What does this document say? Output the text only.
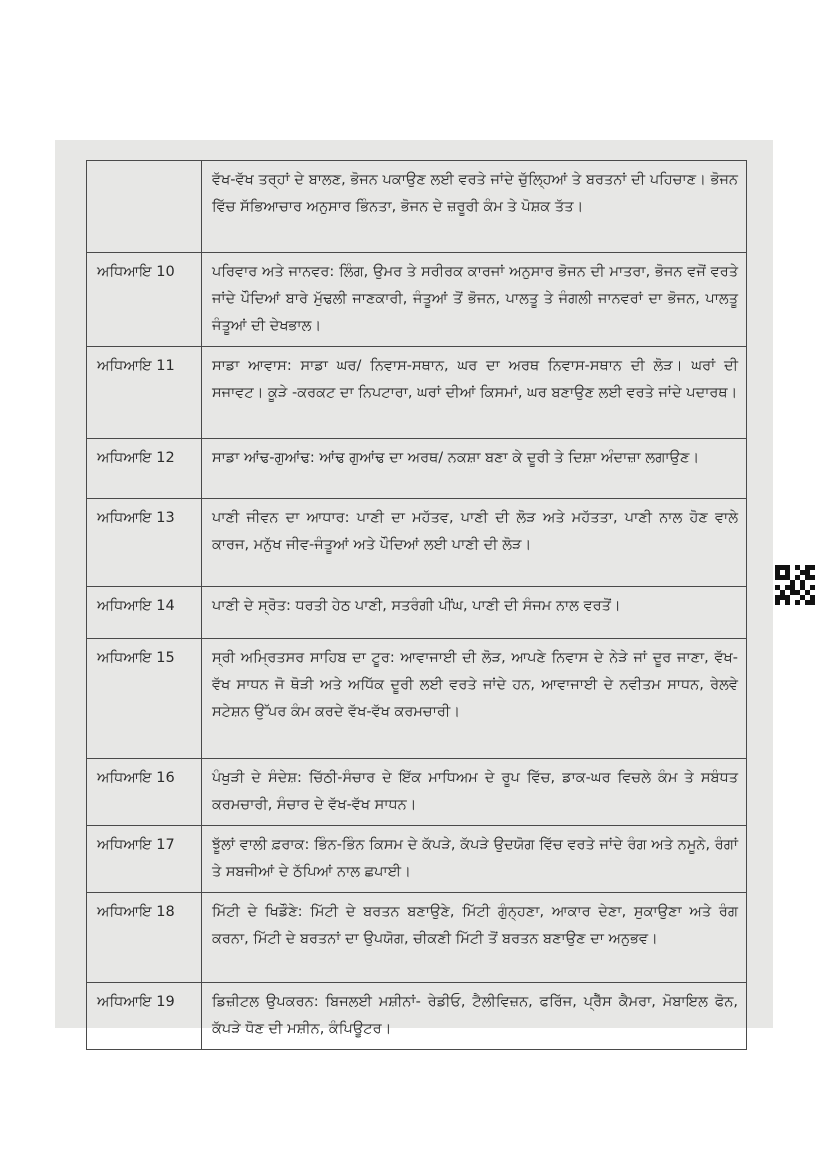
	ਵੱਖ-ਵੱਖ ਤਰ੍ਹਾਂ ਦੇ ਬਾਲਣ, ਭੋਜਨ ਪਕਾਉਣ ਲਈ ਵਰਤੇ ਜਾਂਦੇ ਚੁੱਲ੍ਹਿਆਂ ਤੇ ਬਰਤਨਾਂ ਦੀ ਪਹਿਚਾਣ। ਭੋਜਨ ਵਿੱਚ ਸੱਭਿਆਚਾਰ ਅਨੁਸਾਰ ਭਿੰਨਤਾ, ਭੋਜਨ ਦੇ ਜ਼ਰੂਰੀ ਕੰਮ ਤੇ ਪੋਸ਼ਕ ਤੱਤ।
ਅਧਿਆਇ 10	ਪਰਿਵਾਰ ਅਤੇ ਜਾਨਵਰ: ਲਿੰਗ, ਉਮਰ ਤੇ ਸਰੀਰਕ ਕਾਰਜਾਂ ਅਨੁਸਾਰ ਭੋਜਨ ਦੀ ਮਾਤਰਾ, ਭੋਜਨ ਵਜੋਂ ਵਰਤੇ ਜਾਂਦੇ ਪੌਦਿਆਂ ਬਾਰੇ ਮੁੱਢਲੀ ਜਾਣਕਾਰੀ, ਜੰਤੂਆਂ ਤੋਂ ਭੋਜਨ, ਪਾਲਤੂ ਤੇ ਜੰਗਲੀ ਜਾਨਵਰਾਂ ਦਾ ਭੋਜਨ, ਪਾਲਤੂ ਜੰਤੂਆਂ ਦੀ ਦੇਖਭਾਲ।
ਅਧਿਆਇ 11	ਸਾਡਾ ਆਵਾਸ: ਸਾਡਾ ਘਰ/ ਨਿਵਾਸ-ਸਥਾਨ, ਘਰ ਦਾ ਅਰਥ ਨਿਵਾਸ-ਸਥਾਨ ਦੀ ਲੋੜ। ਘਰਾਂ ਦੀ ਸਜਾਵਟ। ਕੂੜੇ -ਕਰਕਟ ਦਾ ਨਿਪਟਾਰਾ, ਘਰਾਂ ਦੀਆਂ ਕਿਸਮਾਂ, ਘਰ ਬਣਾਉਣ ਲਈ ਵਰਤੇ ਜਾਂਦੇ ਪਦਾਰਥ।
ਅਧਿਆਇ 12	ਸਾਡਾ ਆਂਢ-ਗੁਆਂਢ: ਆਂਢ ਗੁਆਂਢ ਦਾ ਅਰਥ/ ਨਕਸ਼ਾ ਬਣਾ ਕੇ ਦੂਰੀ ਤੇ ਦਿਸ਼ਾ ਅੰਦਾਜ਼ਾ ਲਗਾਉਣ।
ਅਧਿਆਇ 13	ਪਾਣੀ ਜੀਵਨ ਦਾ ਆਧਾਰ: ਪਾਣੀ ਦਾ ਮਹੱਤਵ, ਪਾਣੀ ਦੀ ਲੋੜ ਅਤੇ ਮਹੱਤਤਾ, ਪਾਣੀ ਨਾਲ ਹੋਣ ਵਾਲੇ ਕਾਰਜ, ਮਨੁੱਖ ਜੀਵ-ਜੰਤੂਆਂ ਅਤੇ ਪੌਦਿਆਂ ਲਈ ਪਾਣੀ ਦੀ ਲੋੜ।
ਅਧਿਆਇ 14	ਪਾਣੀ ਦੇ ਸ੍ਰੋਤ: ਧਰਤੀ ਹੇਠ ਪਾਣੀ, ਸਤਰੰਗੀ ਪੀਂਘ, ਪਾਣੀ ਦੀ ਸੰਜਮ ਨਾਲ ਵਰਤੋਂ।
ਅਧਿਆਇ 15	ਸ੍ਰੀ ਅਮ੍ਰਿਤਸਰ ਸਾਹਿਬ ਦਾ ਟੂਰ: ਆਵਾਜਾਈ ਦੀ ਲੋੜ, ਆਪਣੇ ਨਿਵਾਸ ਦੇ ਨੇੜੇ ਜਾਂ ਦੂਰ ਜਾਣਾ, ਵੱਖ-ਵੱਖ ਸਾਧਨ ਜੋ ਥੋੜੀ ਅਤੇ ਅਧਿੱਕ ਦੂਰੀ ਲਈ ਵਰਤੇ ਜਾਂਦੇ ਹਨ, ਆਵਾਜਾਈ ਦੇ ਨਵੀਤਮ ਸਾਧਨ, ਰੇਲਵੇ ਸਟੇਸ਼ਨ ਉੱਪਰ ਕੰਮ ਕਰਦੇ ਵੱਖ-ਵੱਖ ਕਰਮਚਾਰੀ।
ਅਧਿਆਇ 16	ਪੰਖੁੜੀ ਦੇ ਸੰਦੇਸ਼: ਚਿੱਠੀ-ਸੰਚਾਰ ਦੇ ਇੱਕ ਮਾਧਿਅਮ ਦੇ ਰੂਪ ਵਿੱਚ, ਡਾਕ-ਘਰ ਵਿਚਲੇ ਕੰਮ ਤੇ ਸਬੰਧਤ ਕਰਮਚਾਰੀ, ਸੰਚਾਰ ਦੇ ਵੱਖ-ਵੱਖ ਸਾਧਨ।
ਅਧਿਆਇ 17	ਝੂੱਲਾਂ ਵਾਲੀ ਫ਼ਰਾਕ: ਭਿੰਨ-ਭਿੰਨ ਕਿਸਮ ਦੇ ਕੱਪੜੇ, ਕੱਪੜੇ ਉਦਯੋਗ ਵਿੱਚ ਵਰਤੇ ਜਾਂਦੇ ਰੰਗ ਅਤੇ ਨਮੂਨੇ, ਰੰਗਾਂ ਤੇ ਸਬਜੀਆਂ ਦੇ ਠੱਪਿਆਂ ਨਾਲ ਛਪਾਈ।
ਅਧਿਆਇ 18	ਮਿੱਟੀ ਦੇ ਖਿਡੌਣੇ: ਮਿੱਟੀ ਦੇ ਬਰਤਨ ਬਣਾਉਣੇ, ਮਿੱਟੀ ਗੁੰਨ੍ਹਣਾ, ਆਕਾਰ ਦੇਣਾ, ਸੁਕਾਉਣਾ ਅਤੇ ਰੰਗ ਕਰਨਾ, ਮਿੱਟੀ ਦੇ ਬਰਤਨਾਂ ਦਾ ਉਪਯੋਗ, ਚੀਕਣੀ ਮਿੱਟੀ ਤੋਂ ਬਰਤਨ ਬਣਾਉਣ ਦਾ ਅਨੁਭਵ।
ਅਧਿਆਇ 19	ਡਿਜ਼ੀਟਲ ਉਪਕਰਨ: ਬਿਜਲਈ ਮਸ਼ੀਨਾਂ- ਰੇਡੀਓ, ਟੈਲੀਵਿਜ਼ਨ, ਫਰਿੱਜ, ਪ੍ਰੈੱਸ ਕੈਮਰਾ, ਮੋਬਾਇਲ ਫੋਨ, ਕੱਪੜੇ ਧੋਣ ਦੀ ਮਸ਼ੀਨ, ਕੰਪਿਊਟਰ।
